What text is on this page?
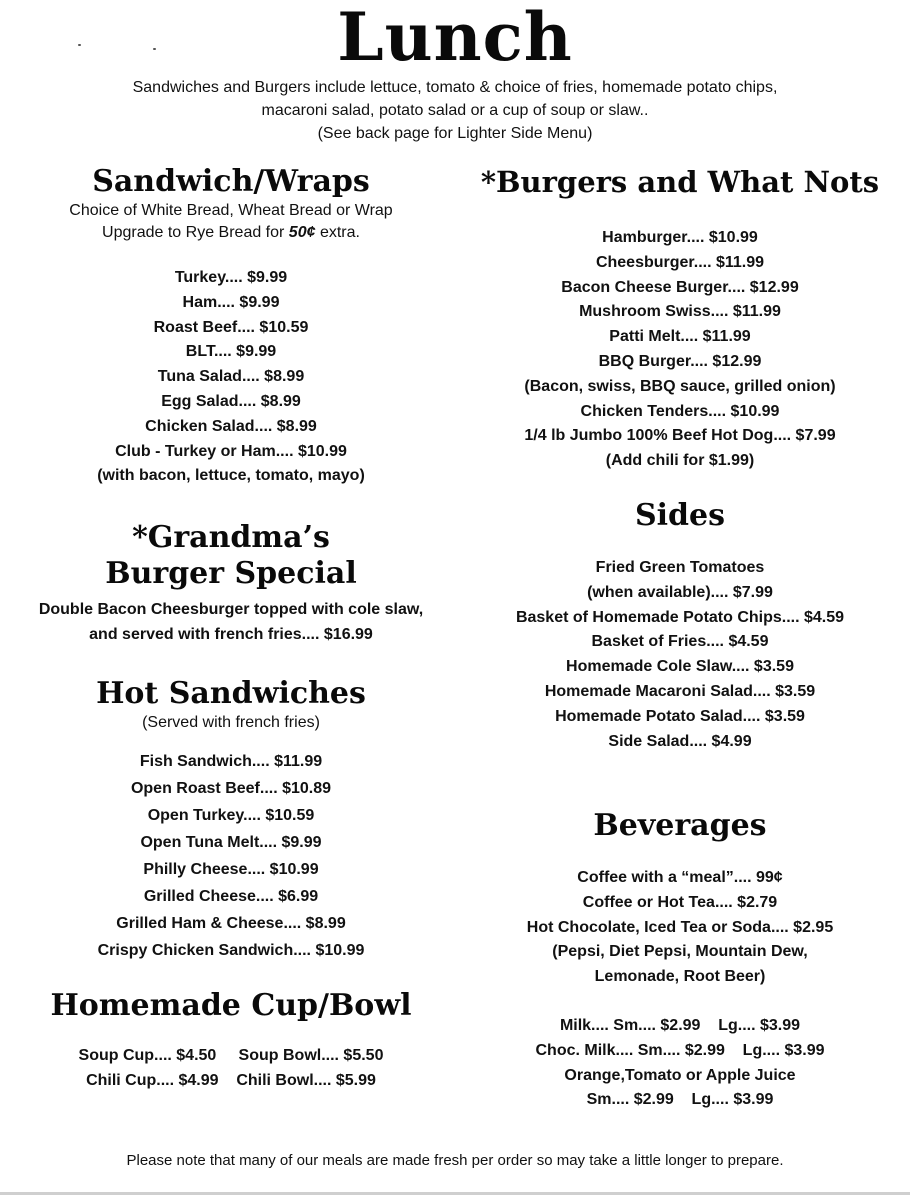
Lunch
Sandwiches and Burgers include lettuce, tomato & choice of fries, homemade potato chips,
macaroni salad, potato salad or a cup of soup or slaw..
(See back page for Lighter Side Menu)
Sandwich/Wraps
Choice of White Bread, Wheat Bread or Wrap
Upgrade to Rye Bread for 50¢ extra.
Turkey.... $9.99
Ham.... $9.99
Roast Beef.... $10.59
BLT.... $9.99
Tuna Salad.... $8.99
Egg Salad.... $8.99
Chicken Salad.... $8.99
Club - Turkey or Ham.... $10.99
(with bacon, lettuce, tomato, mayo)
*Grandma’s
Burger Special
Double Bacon Cheesburger topped with cole slaw,
and served with french fries.... $16.99
Hot Sandwiches
(Served with french fries)
Fish Sandwich.... $11.99
Open Roast Beef.... $10.89
Open Turkey.... $10.59
Open Tuna Melt.... $9.99
Philly Cheese.... $10.99
Grilled Cheese.... $6.99
Grilled Ham & Cheese.... $8.99
Crispy Chicken Sandwich.... $10.99
Homemade Cup/Bowl
Soup Cup.... $4.50     Soup Bowl.... $5.50
Chili Cup.... $4.99    Chili Bowl.... $5.99
*Burgers and What Nots
Hamburger.... $10.99
Cheesburger.... $11.99
Bacon Cheese Burger.... $12.99
Mushroom Swiss.... $11.99
Patti Melt.... $11.99
BBQ Burger.... $12.99
(Bacon, swiss, BBQ sauce, grilled onion)
Chicken Tenders.... $10.99
1/4 lb Jumbo 100% Beef Hot Dog.... $7.99
(Add chili for $1.99)
Sides
Fried Green Tomatoes
(when available).... $7.99
Basket of Homemade Potato Chips.... $4.59
Basket of Fries.... $4.59
Homemade Cole Slaw.... $3.59
Homemade Macaroni Salad.... $3.59
Homemade Potato Salad.... $3.59
Side Salad.... $4.99
Beverages
Coffee with a “meal”.... 99¢
Coffee or Hot Tea.... $2.79
Hot Chocolate, Iced Tea or Soda.... $2.95
(Pepsi, Diet Pepsi, Mountain Dew,
Lemonade, Root Beer)
Milk.... Sm.... $2.99    Lg.... $3.99
Choc. Milk.... Sm.... $2.99    Lg.... $3.99
Orange,Tomato or Apple Juice
Sm.... $2.99    Lg.... $3.99
Please note that many of our meals are made fresh per order so may take a little longer to prepare.
